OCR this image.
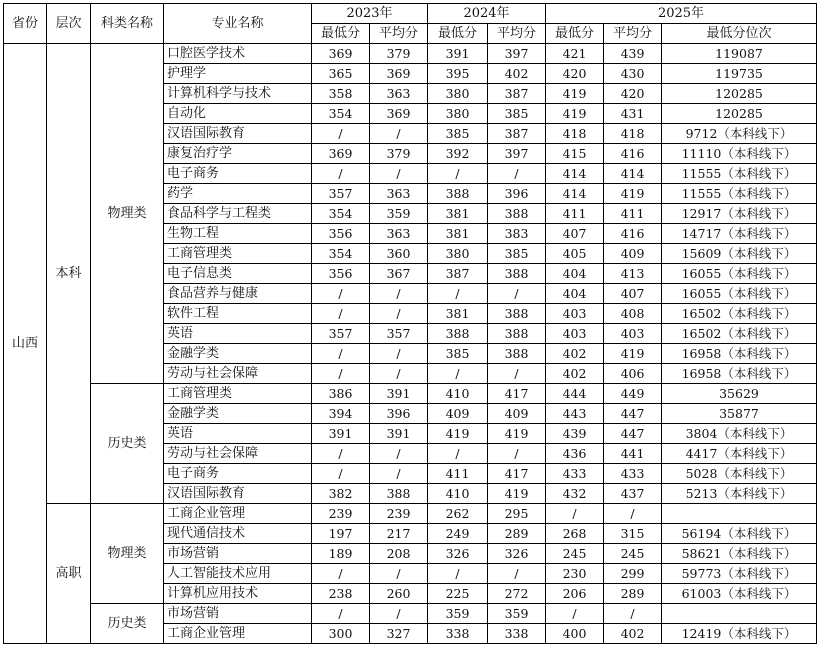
省份	层次	科类名称	专业名称	2023年		2024年		2025年		
				最低分	平均分	最低分	平均分	最低分	平均分	最低分位次
山西	本科	物理类	口腔医学技术	369	379	391	397	421	439	119087
			护理学	365	369	395	402	420	430	119735
			计算机科学与技术	358	363	380	387	419	420	120285
			自动化	354	369	380	385	419	431	120285
			汉语国际教育	/	/	385	387	418	418	9712（本科线下）
			康复治疗学	369	379	392	397	415	416	11110（本科线下）
			电子商务	/	/	/	/	414	414	11555（本科线下）
			药学	357	363	388	396	414	419	11555（本科线下）
			食品科学与工程类	354	359	381	388	411	411	12917（本科线下）
			生物工程	356	363	381	383	407	416	14717（本科线下）
			工商管理类	354	360	380	385	405	409	15609（本科线下）
			电子信息类	356	367	387	388	404	413	16055（本科线下）
			食品营养与健康	/	/	/	/	404	407	16055（本科线下）
			软件工程	/	/	381	388	403	408	16502（本科线下）
			英语	357	357	388	388	403	403	16502（本科线下）
			金融学类	/	/	385	388	402	419	16958（本科线下）
			劳动与社会保障	/	/	/	/	402	406	16958（本科线下）
		历史类	工商管理类	386	391	410	417	444	449	35629
			金融学类	394	396	409	409	443	447	35877
			英语	391	391	419	419	439	447	3804（本科线下）
			劳动与社会保障	/	/	/	/	436	441	4417（本科线下）
			电子商务	/	/	411	417	433	433	5028（本科线下）
			汉语国际教育	382	388	410	419	432	437	5213（本科线下）
	高职	物理类	工商企业管理	239	239	262	295	/	/	
			现代通信技术	197	217	249	289	268	315	56194（本科线下）
			市场营销	189	208	326	326	245	245	58621（本科线下）
			人工智能技术应用	/	/	/	/	230	299	59773（本科线下）
			计算机应用技术	238	260	225	272	206	289	61003（本科线下）
		历史类	市场营销	/	/	359	359	/	/	
			工商企业管理	300	327	338	338	400	402	12419（本科线下）
